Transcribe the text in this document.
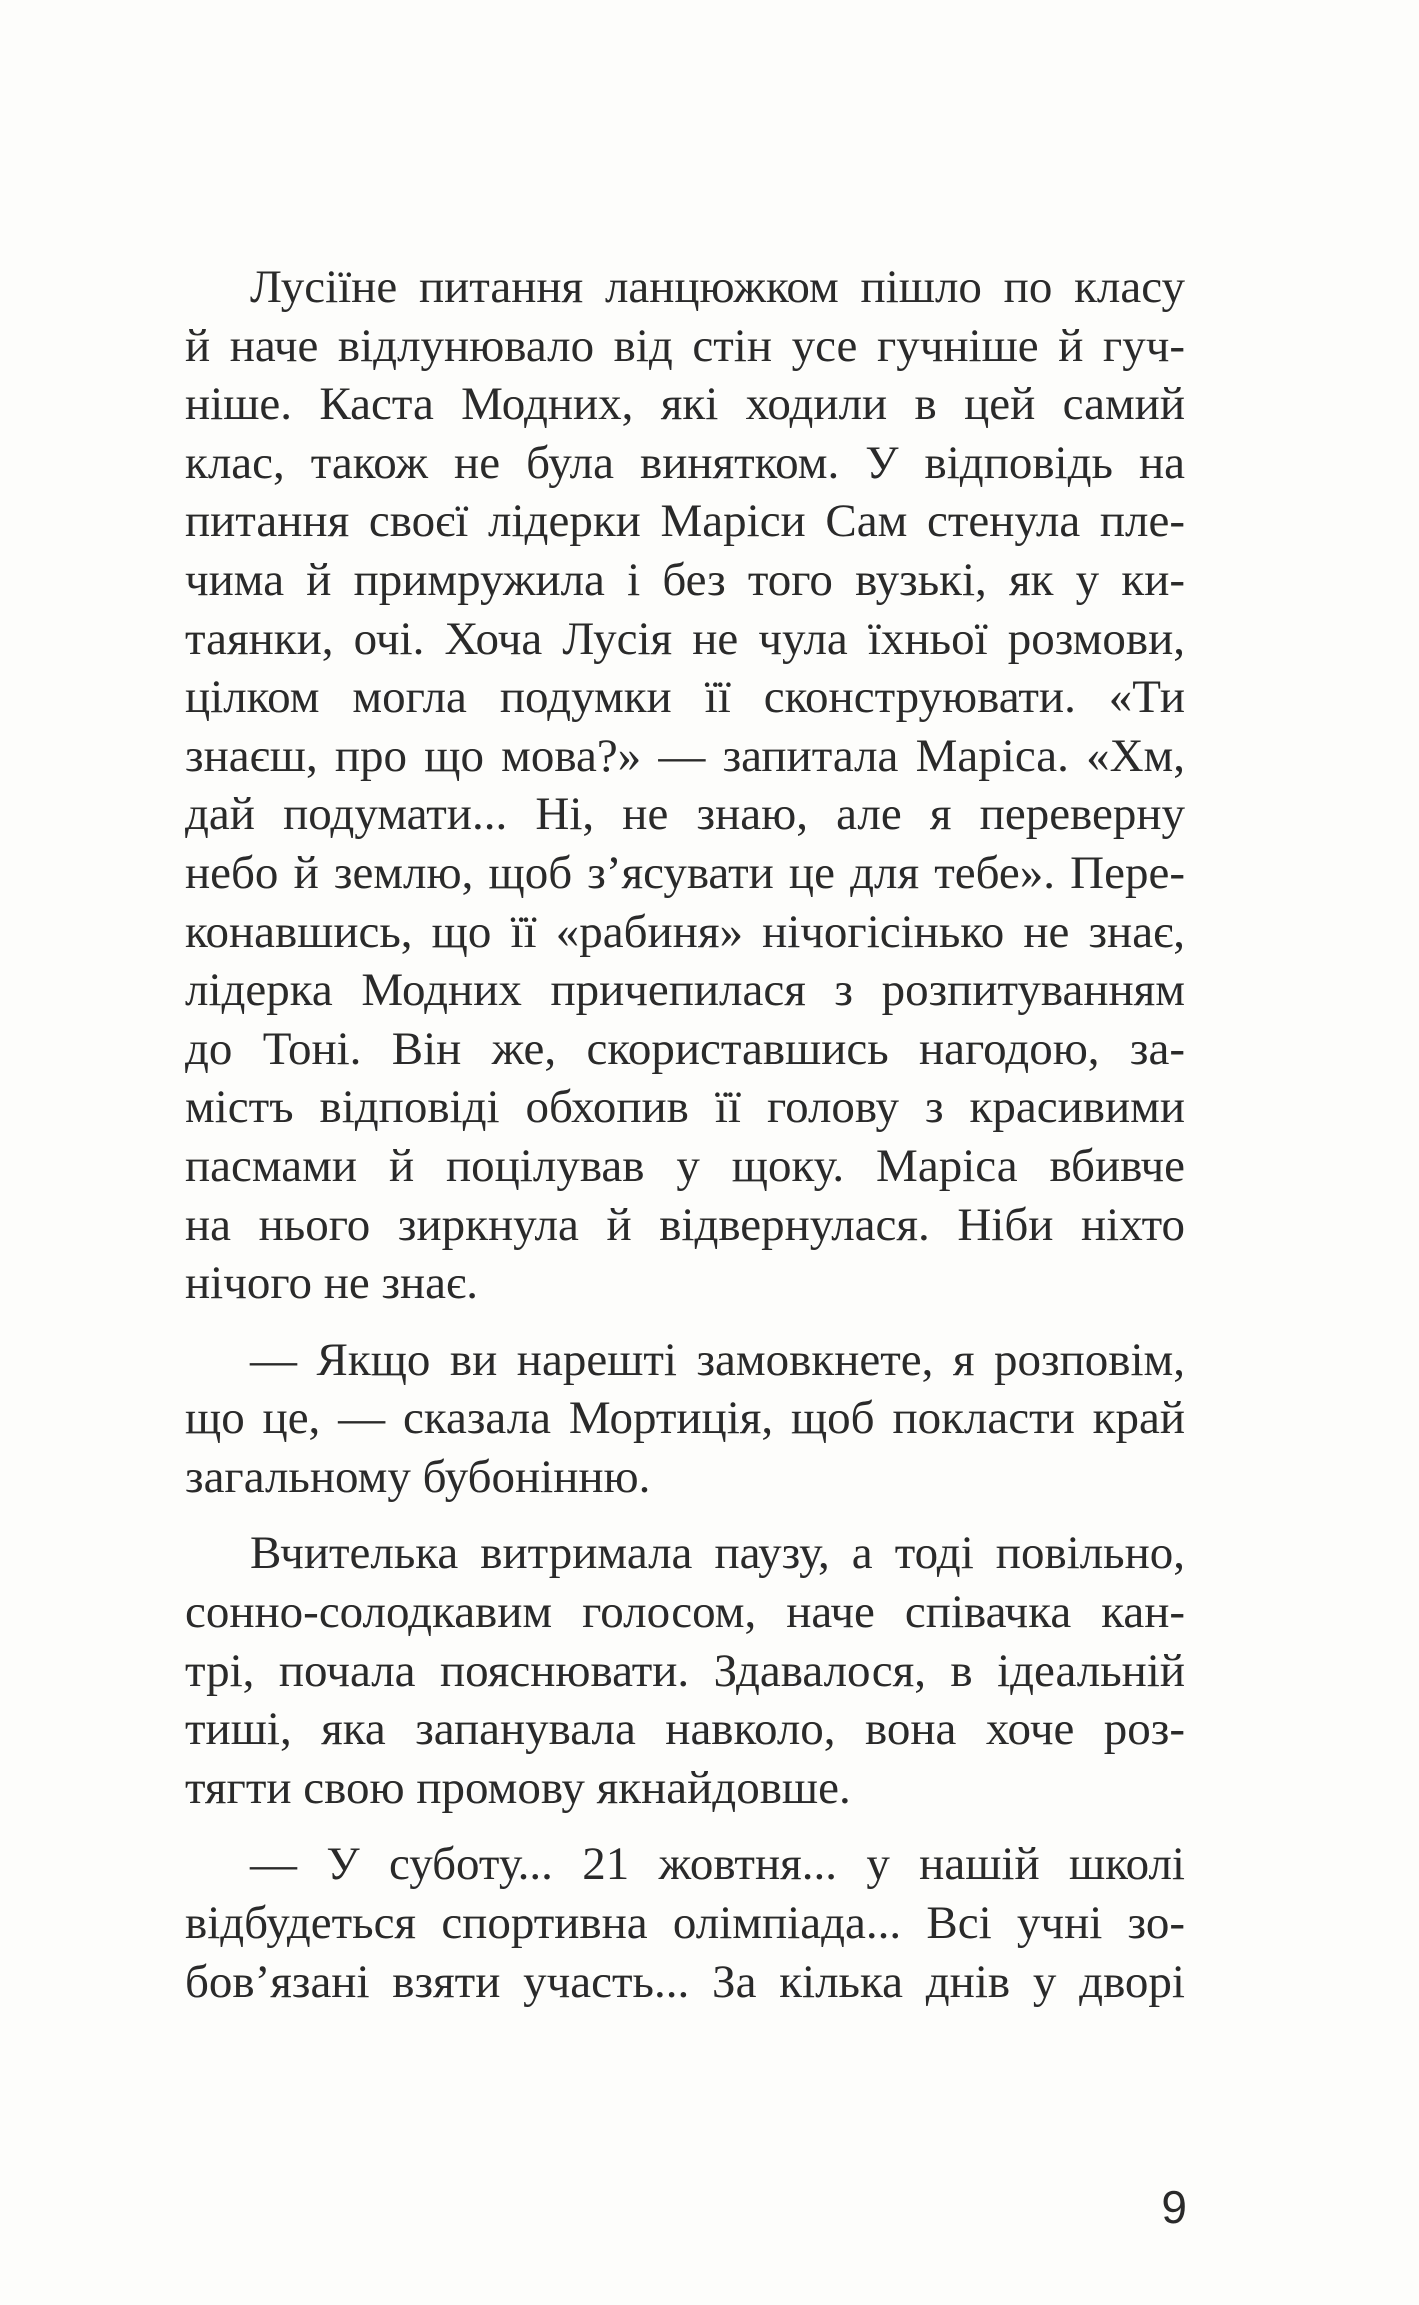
Лусіїне питання ланцюжком пішло по класу
й наче відлунювало від стін усе гучніше й гуч-
ніше. Каста Модних, які ходили в цей самий
клас, також не була винятком. У відповідь на
питання своєї лідерки Маріси Сам стенула пле-
чима й примружила і без того вузькі, як у ки-
таянки, очі. Хоча Лусія не чула їхньої розмови,
цілком могла подумки її сконструювати. «Ти
знаєш, про що мова?» — запитала Маріса. «Хм,
дай подумати... Ні, не знаю, але я переверну
небо й землю, щоб з’ясувати це для тебе». Пере-
конавшись, що її «рабиня» нічогісінько не знає,
лідерка Модних причепилася з розпитуванням
до Тоні. Він же, скориставшись нагодою, за-
містъ відповіді обхопив її голову з красивими
пасмами й поцілував у щоку. Маріса вбивче
на нього зиркнула й відвернулася. Ніби ніхто
нічого не знає.
— Якщо ви нарешті замовкнете, я розповім,
що це, — сказала Мортиція, щоб покласти край
загальному бубонінню.
Вчителька витримала паузу, а тоді повільно,
сонно-солодкавим голосом, наче співачка кан-
трі, почала пояснювати. Здавалося, в ідеальній
тиші, яка запанувала навколо, вона хоче роз-
тягти свою промову якнайдовше.
— У суботу... 21 жовтня... у нашій школі
відбудеться спортивна олімпіада... Всі учні зо-
бов’язані взяти участь... За кілька днів у дворі
9
